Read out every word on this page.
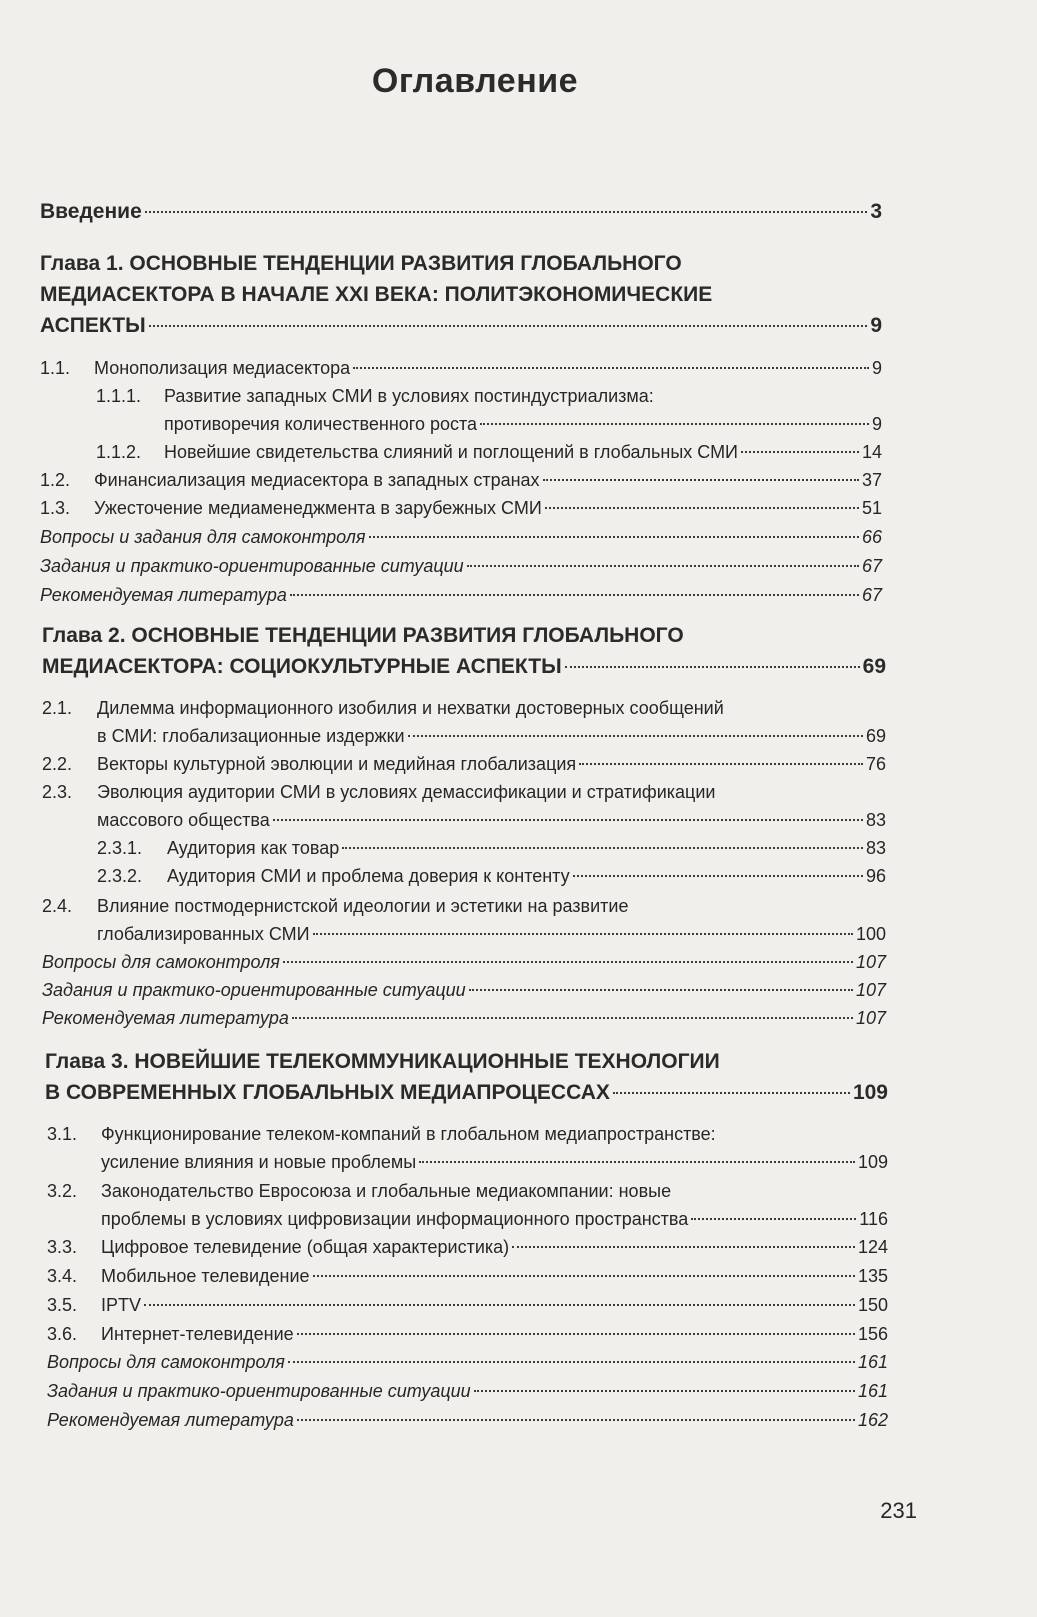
Оглавление
Введение	3
Глава 1. ОСНОВНЫЕ ТЕНДЕНЦИИ РАЗВИТИЯ ГЛОБАЛЬНОГО
МЕДИАСЕКТОРА В НАЧАЛЕ XXI ВЕКА: ПОЛИТЭКОНОМИЧЕСКИЕ
АСПЕКТЫ	9
1.1.	Монополизация медиасектора	9
1.1.1. Развитие западных СМИ в условиях постиндустриализма:
противоречия количественного роста	9
1.1.2.	Новейшие свидетельства слияний и поглощений в глобальных СМИ	14
1.2.	Финансиализация медиасектора в западных странах	37
1.3.	Ужесточение медиаменеджмента в зарубежных СМИ	51
Вопросы и задания для самоконтроля	66
Задания и практико-ориентированные ситуации	67
Рекомендуемая литература	67
Глава 2. ОСНОВНЫЕ ТЕНДЕНЦИИ РАЗВИТИЯ ГЛОБАЛЬНОГО
МЕДИАСЕКТОРА: СОЦИОКУЛЬТУРНЫЕ АСПЕКТЫ	69
2.1. Дилемма информационного изобилия и нехватки достоверных сообщений
в СМИ: глобализационные издержки	69
2.2.	Векторы культурной эволюции и медийная глобализация	76
2.3. Эволюция аудитории СМИ в условиях демассификации и стратификации
массового общества	83
2.3.1.	Аудитория как товар	83
2.3.2.	Аудитория СМИ и проблема доверия к контенту	96
2.4. Влияние постмодернистской идеологии и эстетики на развитие
глобализированных СМИ	100
Вопросы для самоконтроля	107
Задания и практико-ориентированные ситуации	107
Рекомендуемая литература	107
Глава 3. НОВЕЙШИЕ ТЕЛЕКОММУНИКАЦИОННЫЕ ТЕХНОЛОГИИ
В СОВРЕМЕННЫХ ГЛОБАЛЬНЫХ МЕДИАПРОЦЕССАХ	109
3.1. Функционирование телеком-компаний в глобальном медиапространстве:
усиление влияния и новые проблемы	109
3.2. Законодательство Евросоюза и глобальные медиакомпании: новые
проблемы в условиях цифровизации информационного пространства	116
3.3.	Цифровое телевидение (общая характеристика)	124
3.4.	Мобильное телевидение	135
3.5.	IPTV	150
3.6.	Интернет-телевидение	156
Вопросы для самоконтроля	161
Задания и практико-ориентированные ситуации	161
Рекомендуемая литература	162
231
